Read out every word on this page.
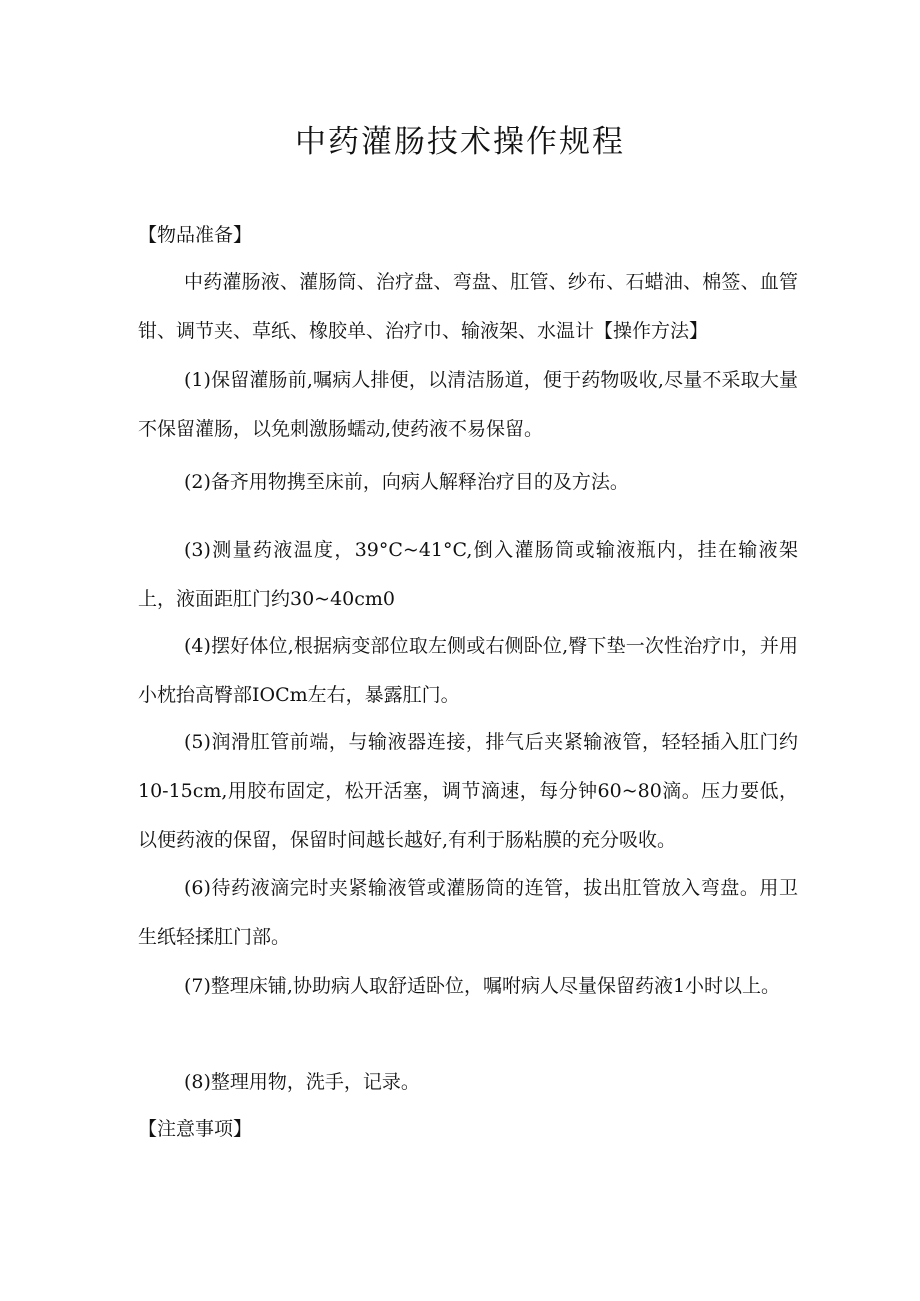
中药灌肠技术操作规程
【物品准备】

中药灌肠液、灌肠筒、治疗盘、弯盘、肛管、纱布、石蜡油、棉签、血管钳、调节夹、草纸、橡胶单、治疗巾、输液架、水温计【操作方法】

(1)保留灌肠前,嘱病人排便，以清洁肠道，便于药物吸收,尽量不采取大量不保留灌肠，以免刺激肠蠕动,使药液不易保留。

(2)备齐用物携至床前，向病人解释治疗目的及方法。

(3)测量药液温度，39°C~41°C,倒入灌肠筒或输液瓶内，挂在输液架上，液面距肛门约30~40cm0

(4)摆好体位,根据病变部位取左侧或右侧卧位,臀下垫一次性治疗巾，并用小枕抬高臀部IOCm左右，暴露肛门。

(5)润滑肛管前端，与输液器连接，排气后夹紧输液管，轻轻插入肛门约10-15cm,用胶布固定，松开活塞，调节滴速，每分钟60~80滴。压力要低，以便药液的保留，保留时间越长越好,有利于肠粘膜的充分吸收。

(6)待药液滴完时夹紧输液管或灌肠筒的连管，拔出肛管放入弯盘。用卫生纸轻揉肛门部。

(7)整理床铺,协助病人取舒适卧位，嘱咐病人尽量保留药液1小时以上。

(8)整理用物，洗手，记录。

【注意事项】
